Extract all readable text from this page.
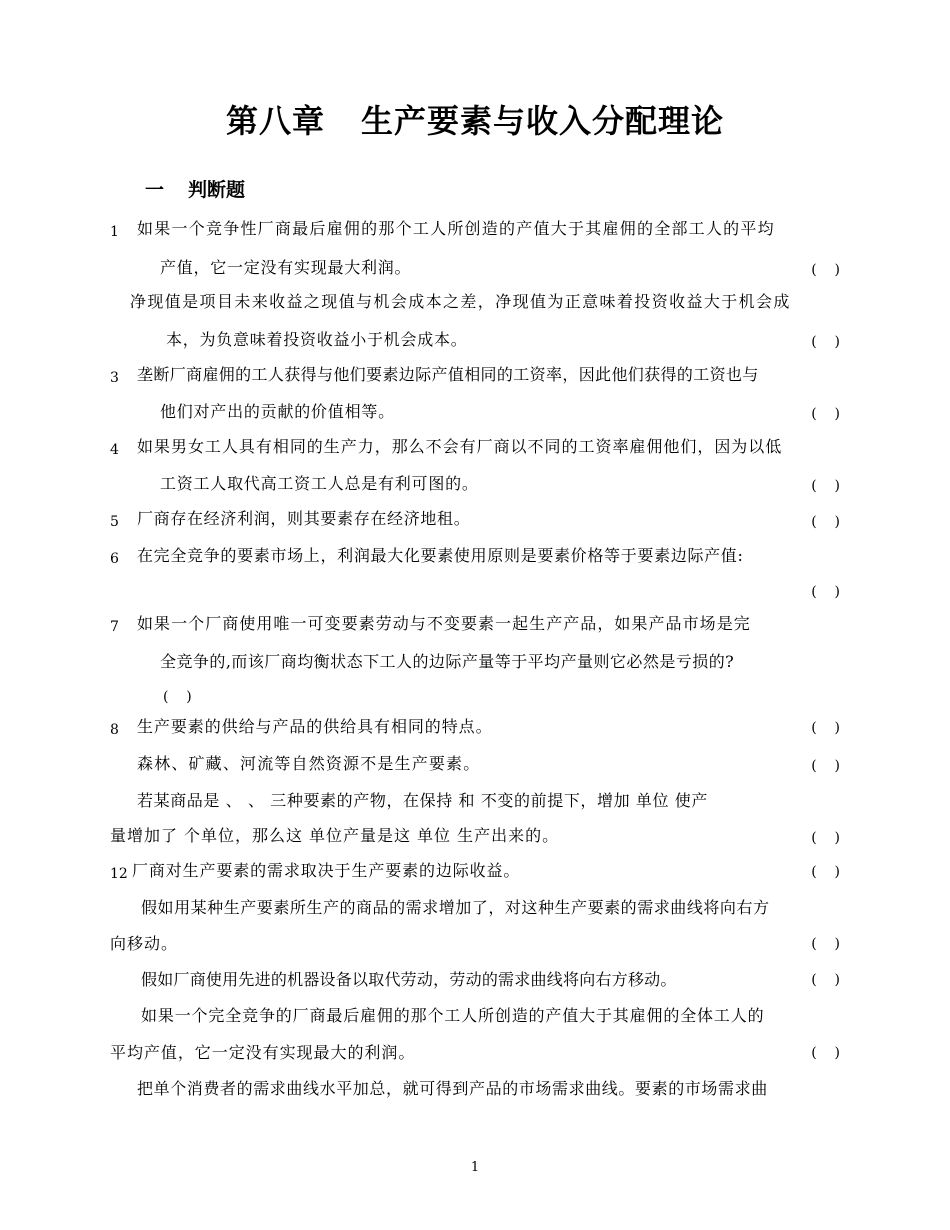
第八章 生产要素与收入分配理论
一 判断题
1 如果一个竞争性厂商最后雇佣的那个工人所创造的产值大于其雇佣的全部工人的平均
产值，它一定没有实现最大利润。	(    )
净现值是项目未来收益之现值与机会成本之差，净现值为正意味着投资收益大于机会成
本，为负意味着投资收益小于机会成本。	(    )
3 垄断厂商雇佣的工人获得与他们要素边际产值相同的工资率，因此他们获得的工资也与
他们对产出的贡献的价值相等。	(    )
4 如果男女工人具有相同的生产力，那么不会有厂商以不同的工资率雇佣他们，因为以低
工资工人取代高工资工人总是有利可图的。	(    )
5 厂商存在经济利润，则其要素存在经济地租。	(    )
6 在完全竞争的要素市场上，利润最大化要素使用原则是要素价格等于要素边际产值:
(    )
7 如果一个厂商使用唯一可变要素劳动与不变要素一起生产产品，如果产品市场是完
全竞争的,而该厂商均衡状态下工人的边际产量等于平均产量则它必然是亏损的?
(    )
8 生产要素的供给与产品的供给具有相同的特点。	(    )
森林、矿藏、河流等自然资源不是生产要素。	(    )
若某商品是 、 、 三种要素的产物，在保持 和 不变的前提下，增加 单位 使产
量增加了 个单位，那么这 单位产量是这 单位 生产出来的。	(    )
12 厂商对生产要素的需求取决于生产要素的边际收益。	(    )
假如用某种生产要素所生产的商品的需求增加了，对这种生产要素的需求曲线将向右方
向移动。	(    )
假如厂商使用先进的机器设备以取代劳动，劳动的需求曲线将向右方移动。	(    )
如果一个完全竞争的厂商最后雇佣的那个工人所创造的产值大于其雇佣的全体工人的
平均产值，它一定没有实现最大的利润。	(    )
把单个消费者的需求曲线水平加总，就可得到产品的市场需求曲线。要素的市场需求曲
1
